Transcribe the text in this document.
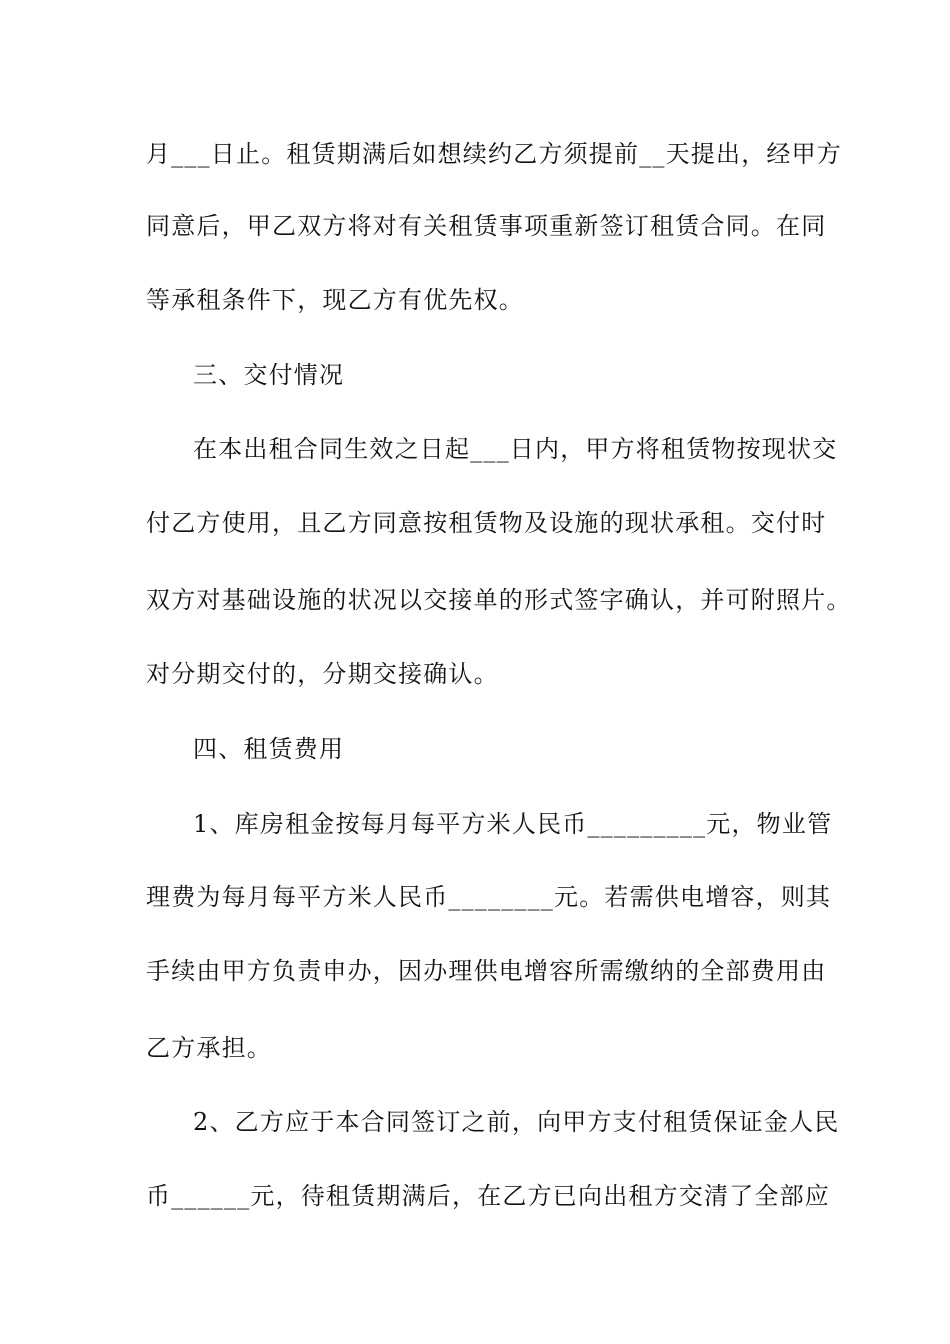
月___日止。租赁期满后如想续约乙方须提前__天提出，经甲方
同意后，甲乙双方将对有关租赁事项重新签订租赁合同。在同
等承租条件下，现乙方有优先权。
三、交付情况
在本出租合同生效之日起___日内，甲方将租赁物按现状交
付乙方使用，且乙方同意按租赁物及设施的现状承租。交付时
双方对基础设施的状况以交接单的形式签字确认，并可附照片。
对分期交付的，分期交接确认。
四、租赁费用
1、库房租金按每月每平方米人民币_________元，物业管
理费为每月每平方米人民币________元。若需供电增容，则其
手续由甲方负责申办，因办理供电增容所需缴纳的全部费用由
乙方承担。
2、乙方应于本合同签订之前，向甲方支付租赁保证金人民
币______元，待租赁期满后，在乙方已向出租方交清了全部应
